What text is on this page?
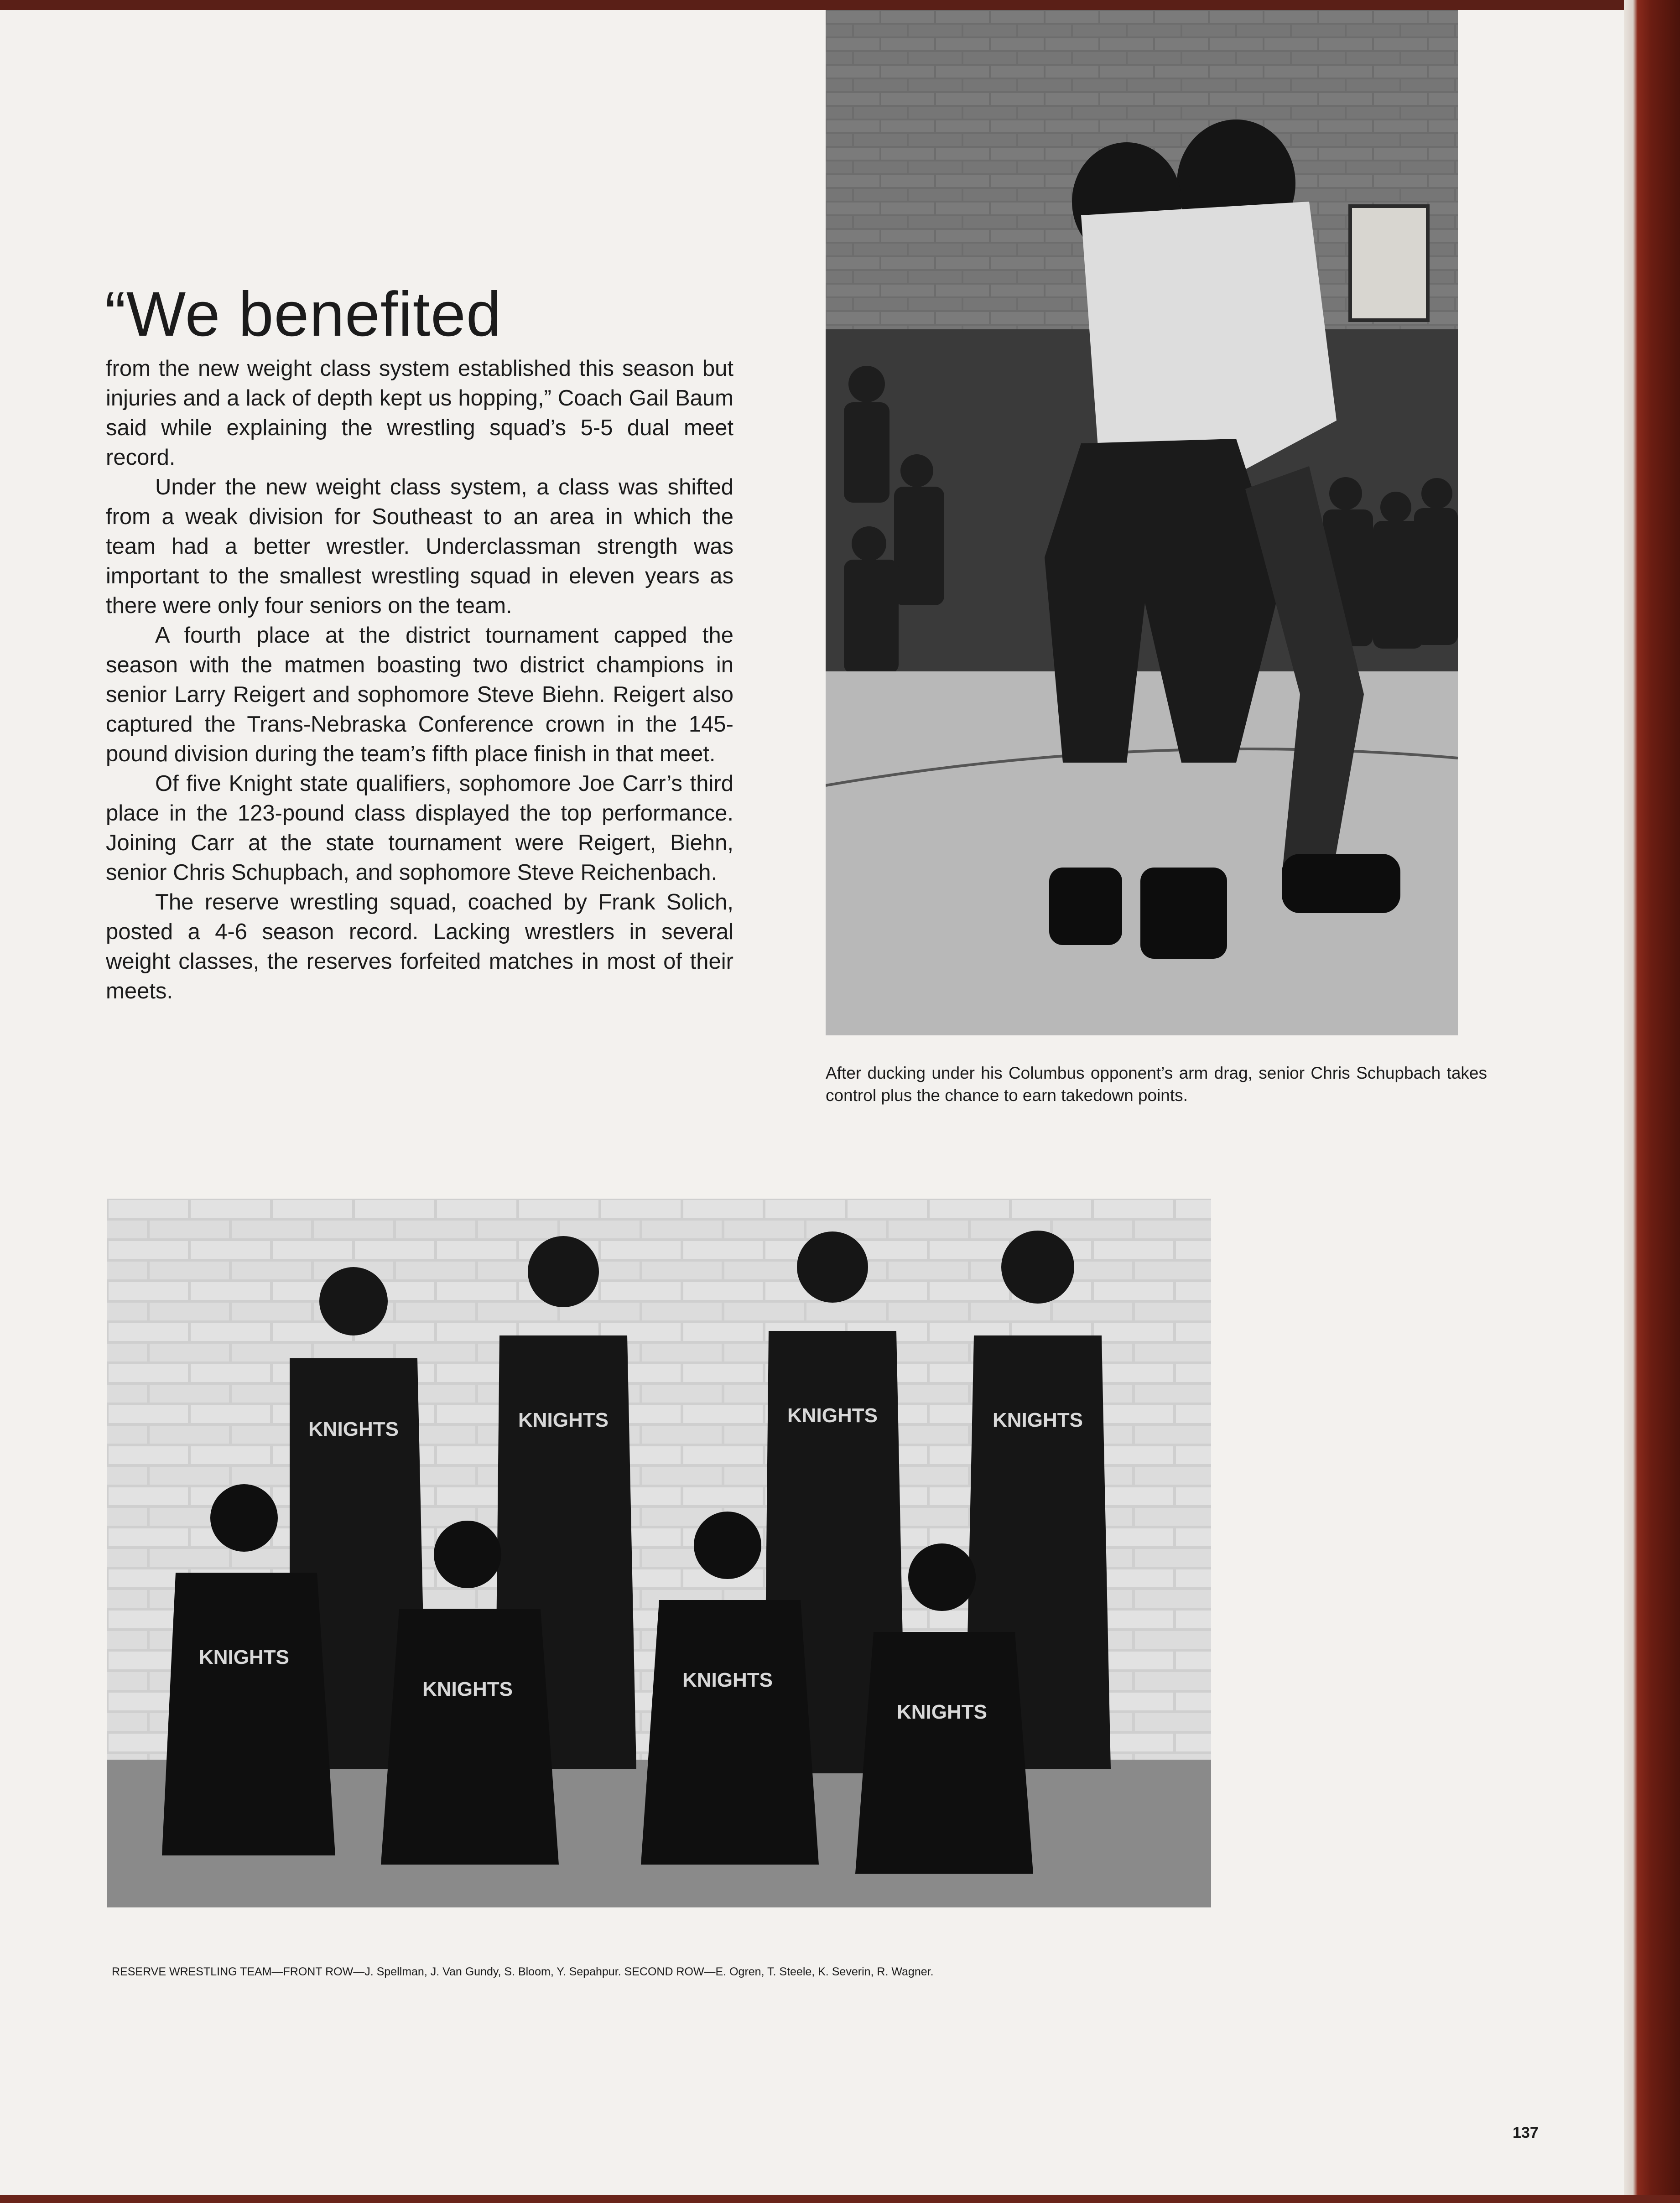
“We benefited

from the new weight class system established this season but injuries and a lack of depth kept us hopping,” Coach Gail Baum said while explaining the wrestling squad’s 5-5 dual meet record.

Under the new weight class system, a class was shifted from a weak division for Southeast to an area in which the team had a better wrestler. Underclassman strength was important to the smallest wrestling squad in eleven years as there were only four seniors on the team.

A fourth place at the district tournament capped the season with the matmen boasting two district champions in senior Larry Reigert and sophomore Steve Biehn. Reigert also captured the Trans-Nebraska Conference crown in the 145-pound division during the team’s fifth place finish in that meet.

Of five Knight state qualifiers, sophomore Joe Carr’s third place in the 123-pound class displayed the top performance. Joining Carr at the state tournament were Reigert, Biehn, senior Chris Schupbach, and sophomore Steve Reichenbach.

The reserve wrestling squad, coached by Frank Solich, posted a 4-6 season record. Lacking wrestlers in several weight classes, the reserves forfeited matches in most of their meets.

After ducking under his Columbus opponent’s arm drag, senior Chris Schupbach takes control plus the chance to earn takedown points.
KNIGHTS	KNIGHTS	KNIGHTS	KNIGHTS
KNIGHTS
KNIGHTS	KNIGHTS
KNIGHTS
RESERVE WRESTLING TEAM—FRONT ROW—J. Spellman, J. Van Gundy, S. Bloom, Y. Sepahpur. SECOND ROW—E. Ogren, T. Steele, K. Severin, R. Wagner.
137
